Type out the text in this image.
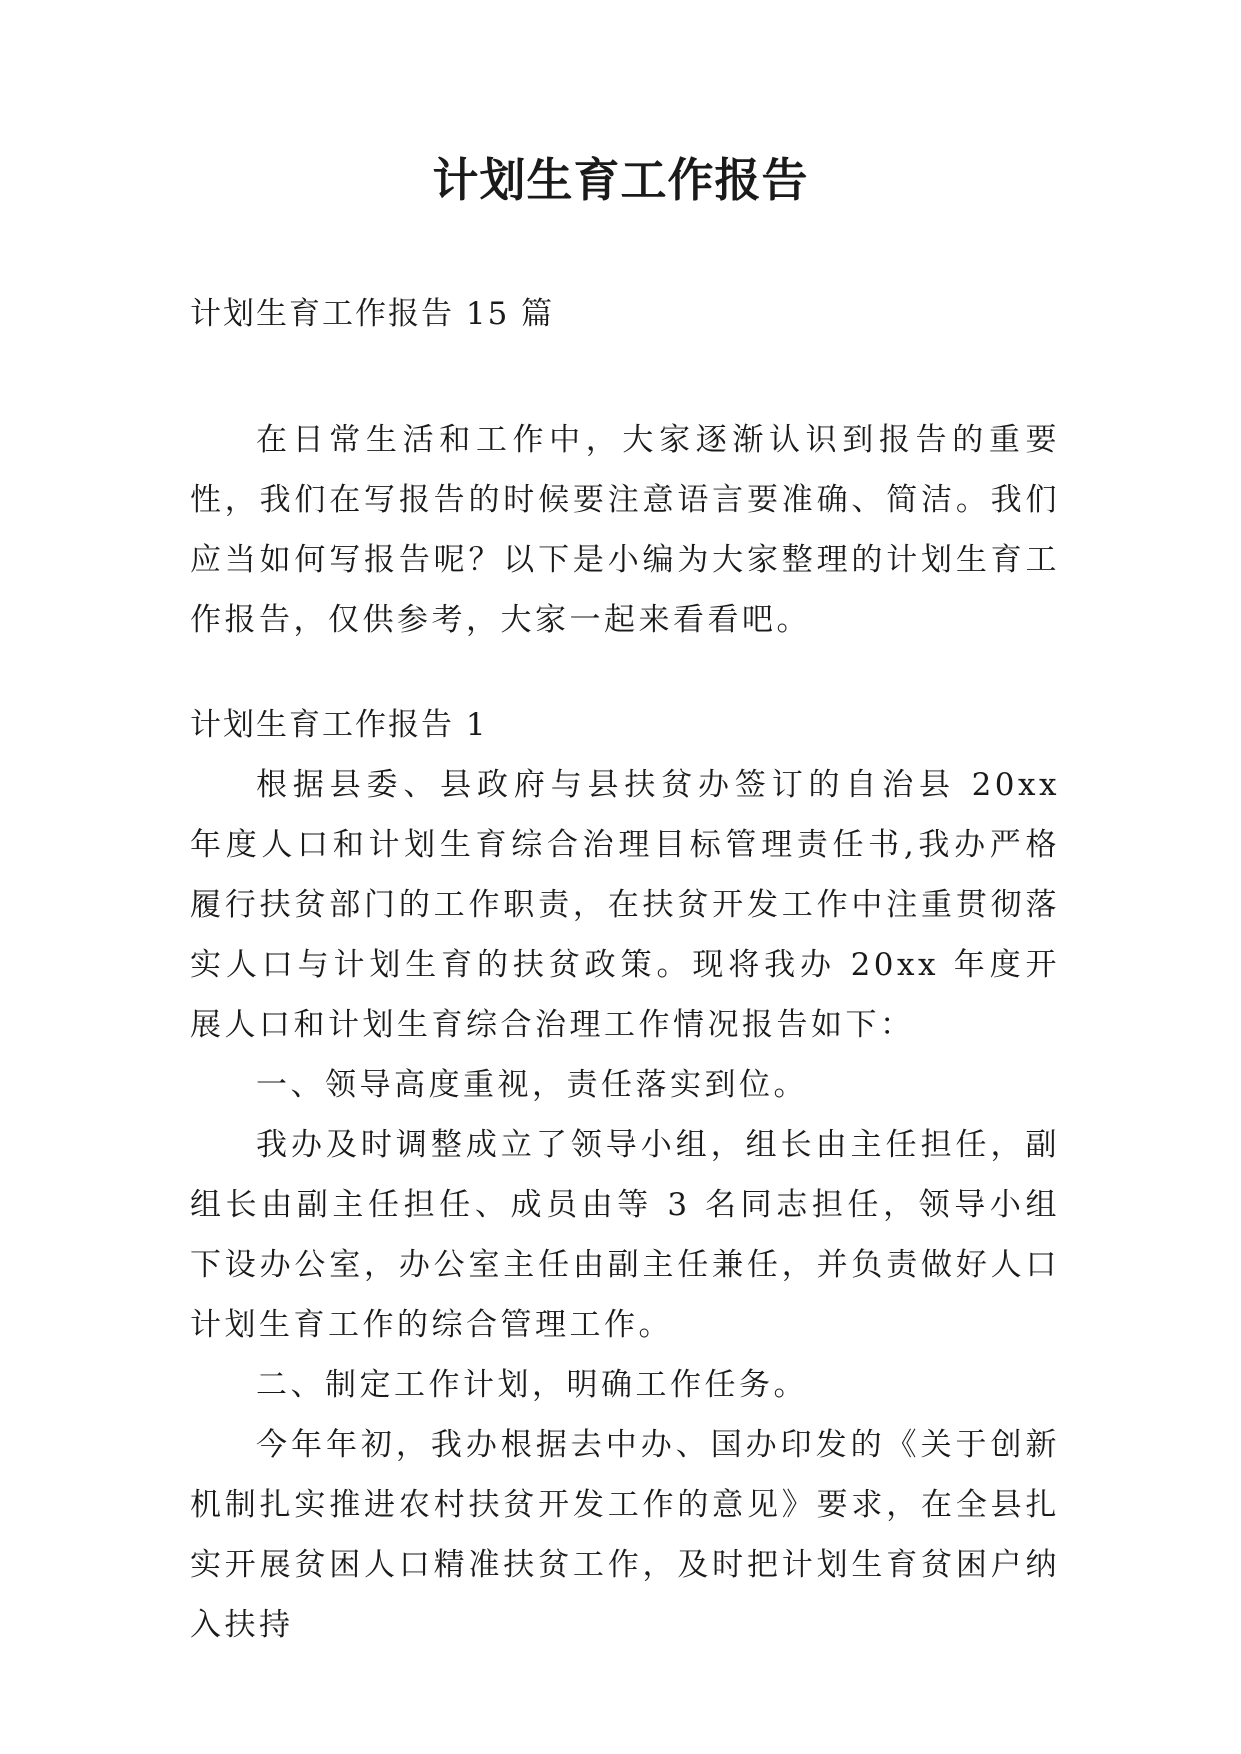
计划生育工作报告

计划生育工作报告 15 篇

在日常生活和工作中，大家逐渐认识到报告的重要性，我们在写报告的时候要注意语言要准确、简洁。我们应当如何写报告呢？以下是小编为大家整理的计划生育工作报告，仅供参考，大家一起来看看吧。

计划生育工作报告 1

根据县委、县政府与县扶贫办签订的自治县 20xx 年度人口和计划生育综合治理目标管理责任书,我办严格履行扶贫部门的工作职责，在扶贫开发工作中注重贯彻落实人口与计划生育的扶贫政策。现将我办 20xx 年度开展人口和计划生育综合治理工作情况报告如下：

一、领导高度重视，责任落实到位。

我办及时调整成立了领导小组，组长由主任担任，副组长由副主任担任、成员由等 3 名同志担任，领导小组下设办公室，办公室主任由副主任兼任，并负责做好人口计划生育工作的综合管理工作。

二、制定工作计划，明确工作任务。

今年年初，我办根据去中办、国办印发的《关于创新机制扎实推进农村扶贫开发工作的意见》要求，在全县扎实开展贫困人口精准扶贫工作，及时把计划生育贫困户纳入扶持
